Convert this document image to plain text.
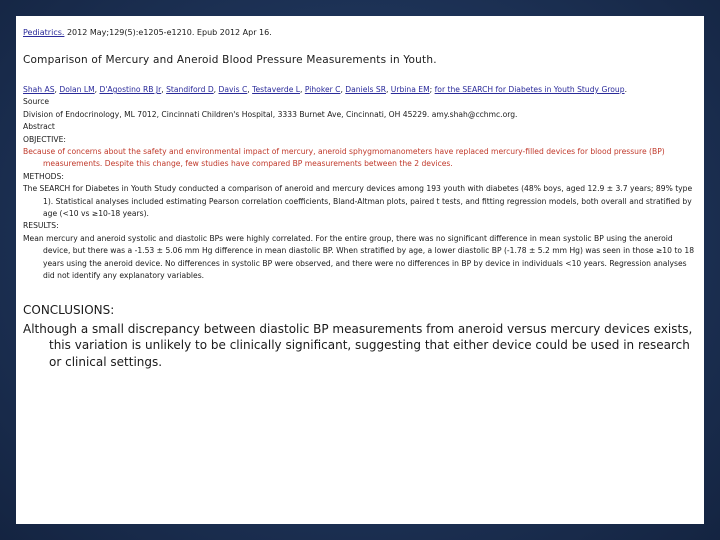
Pediatrics. 2012 May;129(5):e1205-e1210. Epub 2012 Apr 16.

Comparison of Mercury and Aneroid Blood Pressure Measurements in Youth.

Shah AS, Dolan LM, D'Agostino RB Jr, Standiford D, Davis C, Testaverde L, Pihoker C, Daniels SR, Urbina EM; for the SEARCH for Diabetes in Youth Study Group.

Source

Division of Endocrinology, ML 7012, Cincinnati Children's Hospital, 3333 Burnet Ave, Cincinnati, OH 45229. amy.shah@cchmc.org.

Abstract

OBJECTIVE:

Because of concerns about the safety and environmental impact of mercury, aneroid sphygmomanometers have replaced mercury-filled devices for blood pressure (BP) measurements. Despite this change, few studies have compared BP measurements between the 2 devices.

METHODS:

The SEARCH for Diabetes in Youth Study conducted a comparison of aneroid and mercury devices among 193 youth with diabetes (48% boys, aged 12.9 ± 3.7 years; 89% type 1). Statistical analyses included estimating Pearson correlation coefficients, Bland-Altman plots, paired t tests, and fitting regression models, both overall and stratified by age (<10 vs ≥10-18 years).

RESULTS:

Mean mercury and aneroid systolic and diastolic BPs were highly correlated. For the entire group, there was no significant difference in mean systolic BP using the aneroid device, but there was a -1.53 ± 5.06 mm Hg difference in mean diastolic BP. When stratified by age, a lower diastolic BP (-1.78 ± 5.2 mm Hg) was seen in those ≥10 to 18 years using the aneroid device. No differences in systolic BP were observed, and there were no differences in BP by device in individuals <10 years. Regression analyses did not identify any explanatory variables.

CONCLUSIONS:

Although a small discrepancy between diastolic BP measurements from aneroid versus mercury devices exists, this variation is unlikely to be clinically significant, suggesting that either device could be used in research or clinical settings.
